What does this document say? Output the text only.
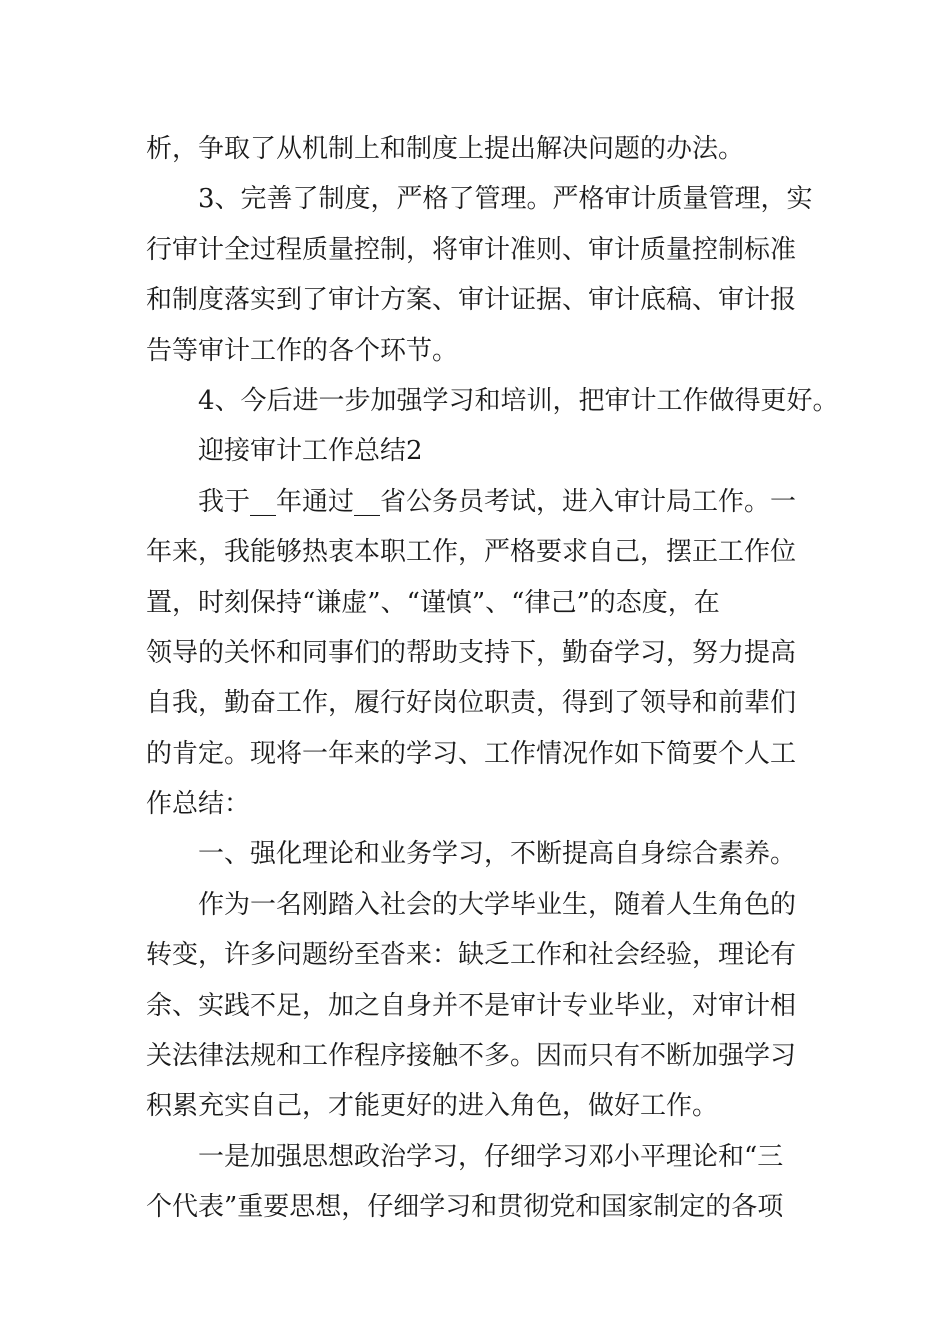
析，争取了从机制上和制度上提出解决问题的办法。
3、完善了制度，严格了管理。严格审计质量管理，实
行审计全过程质量控制，将审计准则、审计质量控制标准
和制度落实到了审计方案、审计证据、审计底稿、审计报
告等审计工作的各个环节。
4、今后进一步加强学习和培训，把审计工作做得更好。
迎接审计工作总结2
我于__年通过__省公务员考试，进入审计局工作。一
年来，我能够热衷本职工作，严格要求自己，摆正工作位
置，时刻保持“谦虚”、“谨慎”、“律己”的态度，在
领导的关怀和同事们的帮助支持下，勤奋学习，努力提高
自我，勤奋工作，履行好岗位职责，得到了领导和前辈们
的肯定。现将一年来的学习、工作情况作如下简要个人工
作总结：
一、强化理论和业务学习，不断提高自身综合素养。
作为一名刚踏入社会的大学毕业生，随着人生角色的
转变，许多问题纷至沓来：缺乏工作和社会经验，理论有
余、实践不足，加之自身并不是审计专业毕业，对审计相
关法律法规和工作程序接触不多。因而只有不断加强学习
积累充实自己，才能更好的进入角色，做好工作。
一是加强思想政治学习，仔细学习邓小平理论和“三
个代表”重要思想，仔细学习和贯彻党和国家制定的各项
